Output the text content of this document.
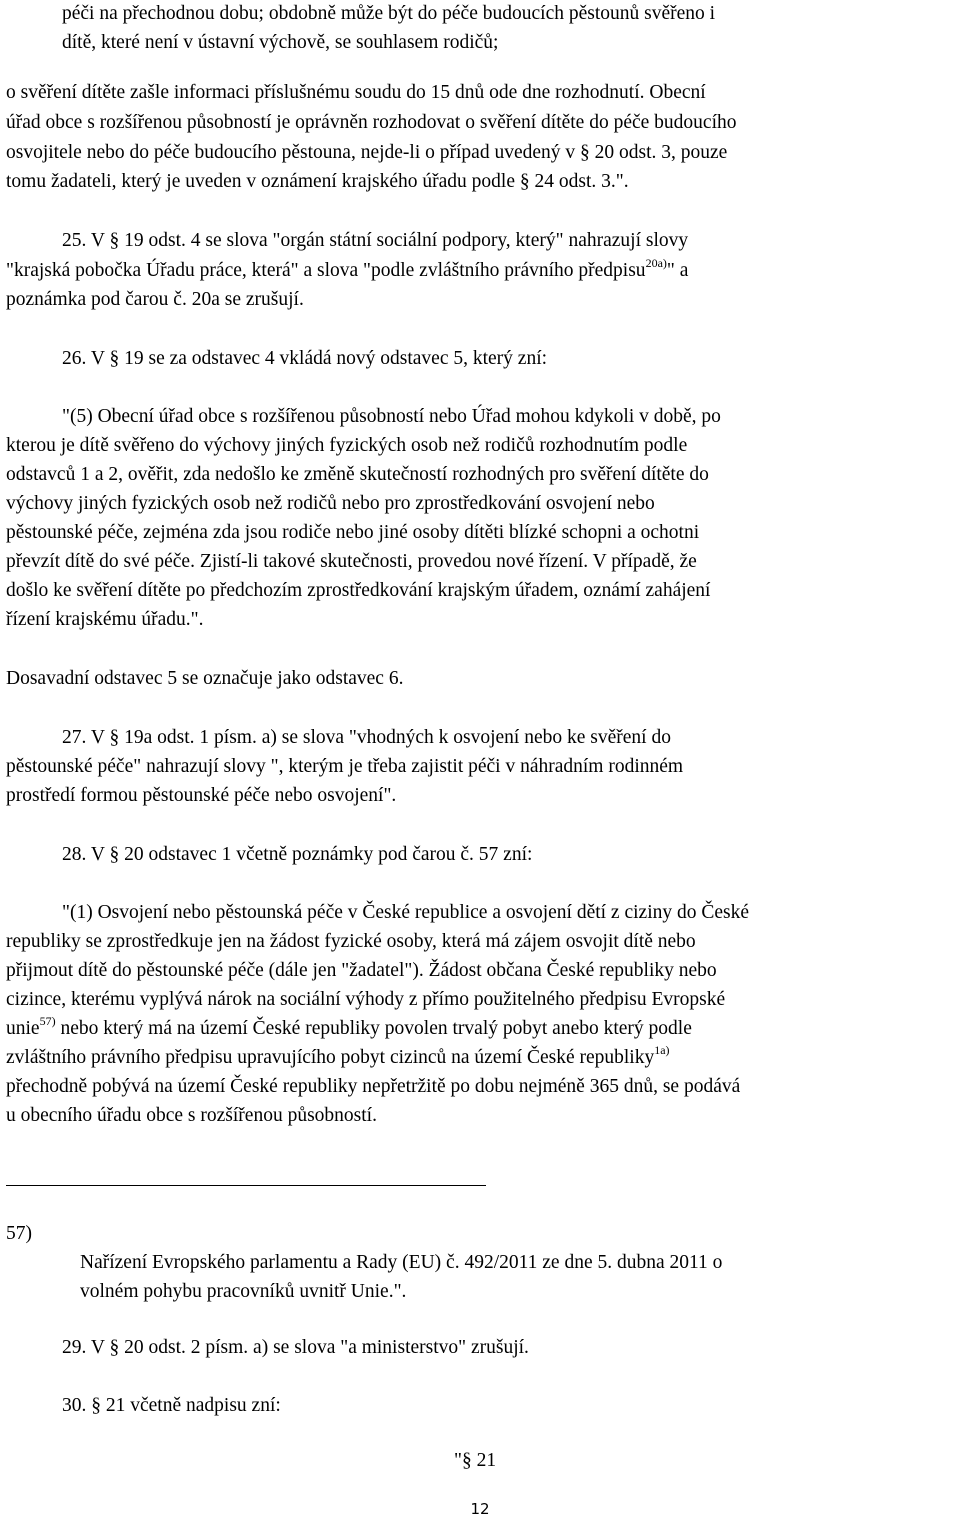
péči na přechodnou dobu; obdobně může být do péče budoucích pěstounů svěřeno i
dítě, které není v ústavní výchově, se souhlasem rodičů;
o svěření dítěte zašle informaci příslušnému soudu do 15 dnů ode dne rozhodnutí. Obecní
úřad obce s rozšířenou působností je oprávněn rozhodovat o svěření dítěte do péče budoucího
osvojitele nebo do péče budoucího pěstouna, nejde-li o případ uvedený v § 20 odst. 3, pouze
tomu žadateli, který je uveden v oznámení krajského úřadu podle § 24 odst. 3.".
25. V § 19 odst. 4 se slova "orgán státní sociální podpory, který" nahrazují slovy
"krajská pobočka Úřadu práce, která" a slova "podle zvláštního právního předpisu$^{20a)}$" a
poznámka pod čarou č. 20a se zrušují.
26. V § 19 se za odstavec 4 vkládá nový odstavec 5, který zní:
"(5) Obecní úřad obce s rozšířenou působností nebo Úřad mohou kdykoli v době, po
kterou je dítě svěřeno do výchovy jiných fyzických osob než rodičů rozhodnutím podle
odstavců 1 a 2, ověřit, zda nedošlo ke změně skutečností rozhodných pro svěření dítěte do
výchovy jiných fyzických osob než rodičů nebo pro zprostředkování osvojení nebo
pěstounské péče, zejména zda jsou rodiče nebo jiné osoby dítěti blízké schopni a ochotni
převzít dítě do své péče. Zjistí-li takové skutečnosti, provedou nové řízení. V případě, že
došlo ke svěření dítěte po předchozím zprostředkování krajským úřadem, oznámí zahájení
řízení krajskému úřadu.".
Dosavadní odstavec 5 se označuje jako odstavec 6.
27. V § 19a odst. 1 písm. a) se slova "vhodných k osvojení nebo ke svěření do
pěstounské péče" nahrazují slovy ", kterým je třeba zajistit péči v náhradním rodinném
prostředí formou pěstounské péče nebo osvojení".
28. V § 20 odstavec 1 včetně poznámky pod čarou č. 57 zní:
"(1) Osvojení nebo pěstounská péče v České republice a osvojení dětí z ciziny do České
republiky se zprostředkuje jen na žádost fyzické osoby, která má zájem osvojit dítě nebo
přijmout dítě do pěstounské péče (dále jen "žadatel"). Žádost občana České republiky nebo
cizince, kterému vyplývá nárok na sociální výhody z přímo použitelného předpisu Evropské
unie$^{57)}$ nebo který má na území České republiky povolen trvalý pobyt anebo který podle
zvláštního právního předpisu upravujícího pobyt cizinců na území České republiky$^{1a)}$
přechodně pobývá na území České republiky nepřetržitě po dobu nejméně 365 dnů, se podává
u obecního úřadu obce s rozšířenou působností.
57)
Nařízení Evropského parlamentu a Rady (EU) č. 492/2011 ze dne 5. dubna 2011 o
volném pohybu pracovníků uvnitř Unie.".
29. V § 20 odst. 2 písm. a) se slova "a ministerstvo" zrušují.
30. § 21 včetně nadpisu zní:
"§ 21
12
